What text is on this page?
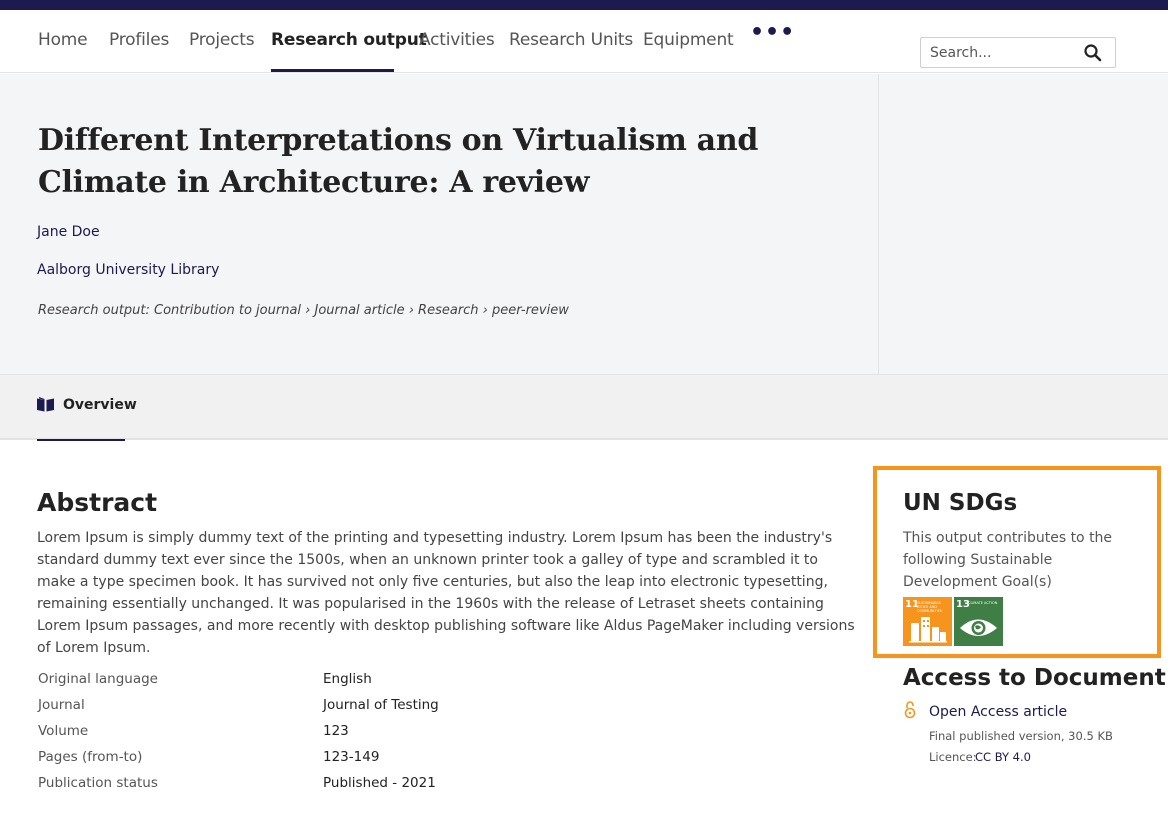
Home Profiles Projects Research output
Activities Research Units Equipment •••
Search...
Different Interpretations on Virtualism and Climate in Architecture: A review
Jane Doe
Aalborg University Library
Research output: Contribution to journal › Journal article › Research › peer-review
Overview
Abstract

Lorem Ipsum is simply dummy text of the printing and typesetting industry. Lorem Ipsum has been the industry's standard dummy text ever since the 1500s, when an unknown printer took a galley of type and scrambled it to make a type specimen book. It has survived not only five centuries, but also the leap into electronic typesetting, remaining essentially unchanged. It was popularised in the 1960s with the release of Letraset sheets containing Lorem Ipsum passages, and more recently with desktop publishing software like Aldus PageMaker including versions of Lorem Ipsum.

Original language	English
Journal	Journal of Testing
Volume	123
Pages (from-to)	123-149
Publication status	Published - 2021
UN SDGs

This output contributes to the following Sustainable Development Goal(s)

11
SUSTAINABLE CITIES AND COMMUNITIES
13
CLIMATE ACTION
Access to Document
Open Access article
Final published version, 30.5 KB
Licence:
CC BY 4.0
